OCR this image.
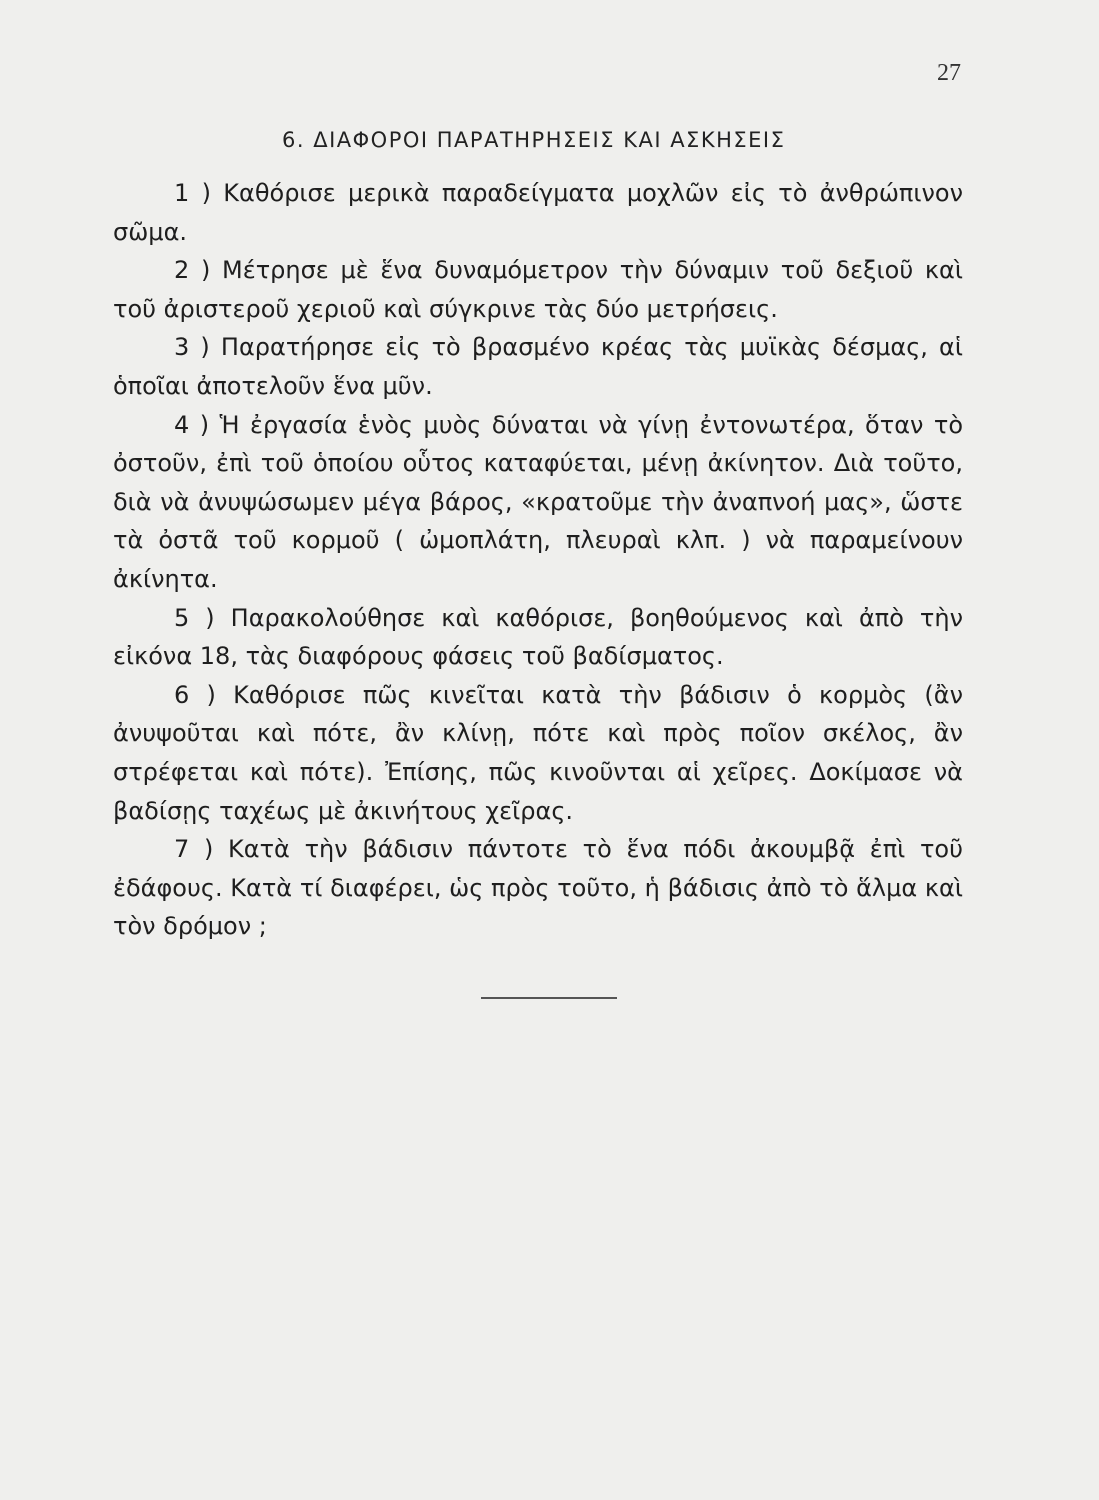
27
6. ΔΙΑΦΟΡΟΙ ΠΑΡΑΤΗΡΗΣΕΙΣ ΚΑΙ ΑΣΚΗΣΕΙΣ

1 ) Καθόρισε μερικὰ παραδείγματα μοχλῶν εἰς τὸ ἀνθρώπινον σῶμα.

2 ) Μέτρησε μὲ ἕνα δυναμόμετρον τὴν δύναμιν τοῦ δεξιοῦ καὶ τοῦ ἀριστεροῦ χεριοῦ καὶ σύγκρινε τὰς δύο μετρήσεις.

3 ) Παρατήρησε εἰς τὸ βρασμένο κρέας τὰς μυϊκὰς δέσμας, αἱ ὁποῖαι ἀποτελοῦν ἕνα μῦν.

4 ) Ἡ ἐργασία ἑνὸς μυὸς δύναται νὰ γίνῃ ἐντονωτέρα, ὅταν τὸ ὀστοῦν, ἐπὶ τοῦ ὁποίου οὗτος καταφύεται, μένῃ ἀκίνητον. Διὰ τοῦτο, διὰ νὰ ἀνυψώσωμεν μέγα βάρος, «κρατοῦμε τὴν ἀναπνοή μας», ὥστε τὰ ὀστᾶ τοῦ κορμοῦ ( ὠμοπλάτη, πλευραὶ κλπ. ) νὰ παραμείνουν ἀκίνητα.

5 ) Παρακολούθησε καὶ καθόρισε, βοηθούμενος καὶ ἀπὸ τὴν εἰκόνα 18, τὰς διαφόρους φάσεις τοῦ βαδίσματος.

6 ) Καθόρισε πῶς κινεῖται κατὰ τὴν βάδισιν ὁ κορμὸς (ἂν ἀνυψοῦται καὶ πότε, ἂν κλίνῃ, πότε καὶ πρὸς ποῖον σκέλος, ἂν στρέφεται καὶ πότε). Ἐπίσης, πῶς κινοῦνται αἱ χεῖρες. Δοκίμασε νὰ βαδίσῃς ταχέως μὲ ἀκινήτους χεῖρας.

7 ) Κατὰ τὴν βάδισιν πάντοτε τὸ ἕνα πόδι ἀκουμβᾷ ἐπὶ τοῦ ἐδάφους. Κατὰ τί διαφέρει, ὡς πρὸς τοῦτο, ἡ βάδισις ἀπὸ τὸ ἅλμα καὶ τὸν δρόμον ;
